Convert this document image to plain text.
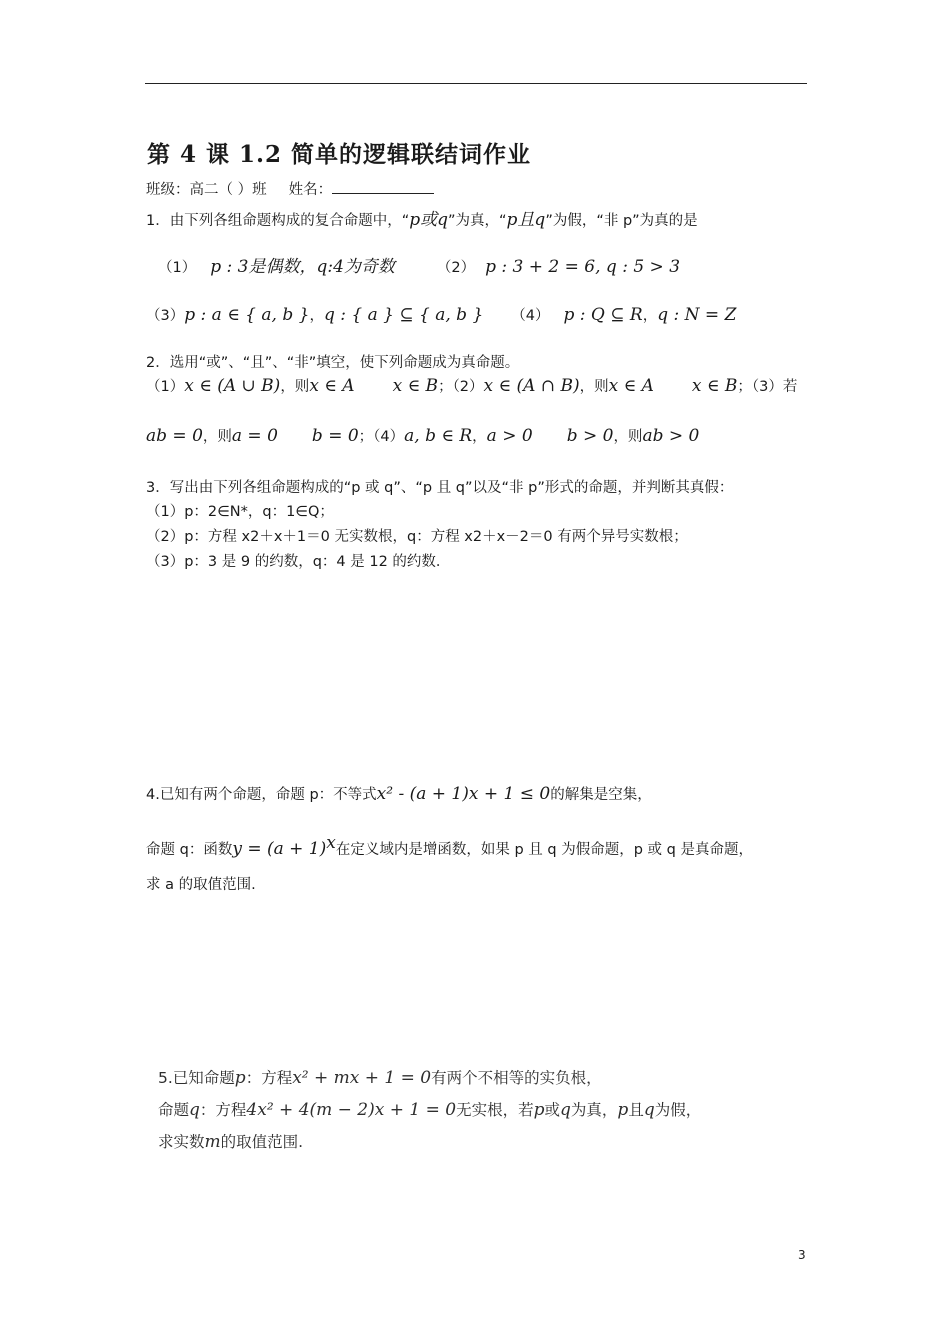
第 4 课 1.2 简单的逻辑联结词作业
班级：高二（ ）班 姓名：
1．由下列各组命题构成的复合命题中，“p或q”为真，“p且q”为假，“非 p”为真的是
（1） p : 3是偶数，q:4为奇数	（2） p : 3 + 2 = 6, q : 5 > 3
（3）p : a ∈ { a, b }，q : { a } ⊆ { a, b } （4） p : Q ⊆ R，q : N = Z
2．选用“或”、“且”、“非”填空，使下列命题成为真命题。
（1）x ∈ (A ∪ B)，则x ∈ A x ∈ B；（2）x ∈ (A ∩ B)，则x ∈ A x ∈ B；（3）若
ab = 0，则a = 0 b = 0；（4）a, b ∈ R，a > 0 b > 0，则ab > 0
3．写出由下列各组命题构成的“p 或 q”、“p 且 q”以及“非 p”形式的命题，并判断其真假：
（1）p：2∈N*，q：1∈Q；
（2）p：方程 x2＋x＋1＝0 无实数根，q：方程 x2＋x－2＝0 有两个异号实数根；
（3）p：3 是 9 的约数，q：4 是 12 的约数．
4.已知有两个命题，命题 p：不等式x² - (a + 1)x + 1 ≤ 0的解集是空集，
命题 q：函数$y = (a + 1)^x$在定义域内是增函数，如果 p 且 q 为假命题，p 或 q 是真命题，
求 a 的取值范围.
5.已知命题p：方程x² + mx + 1 = 0有两个不相等的实负根，
命题q：方程4x² + 4(m − 2)x + 1 = 0无实根，若p或q为真，p且q为假，
求实数m的取值范围.
3
